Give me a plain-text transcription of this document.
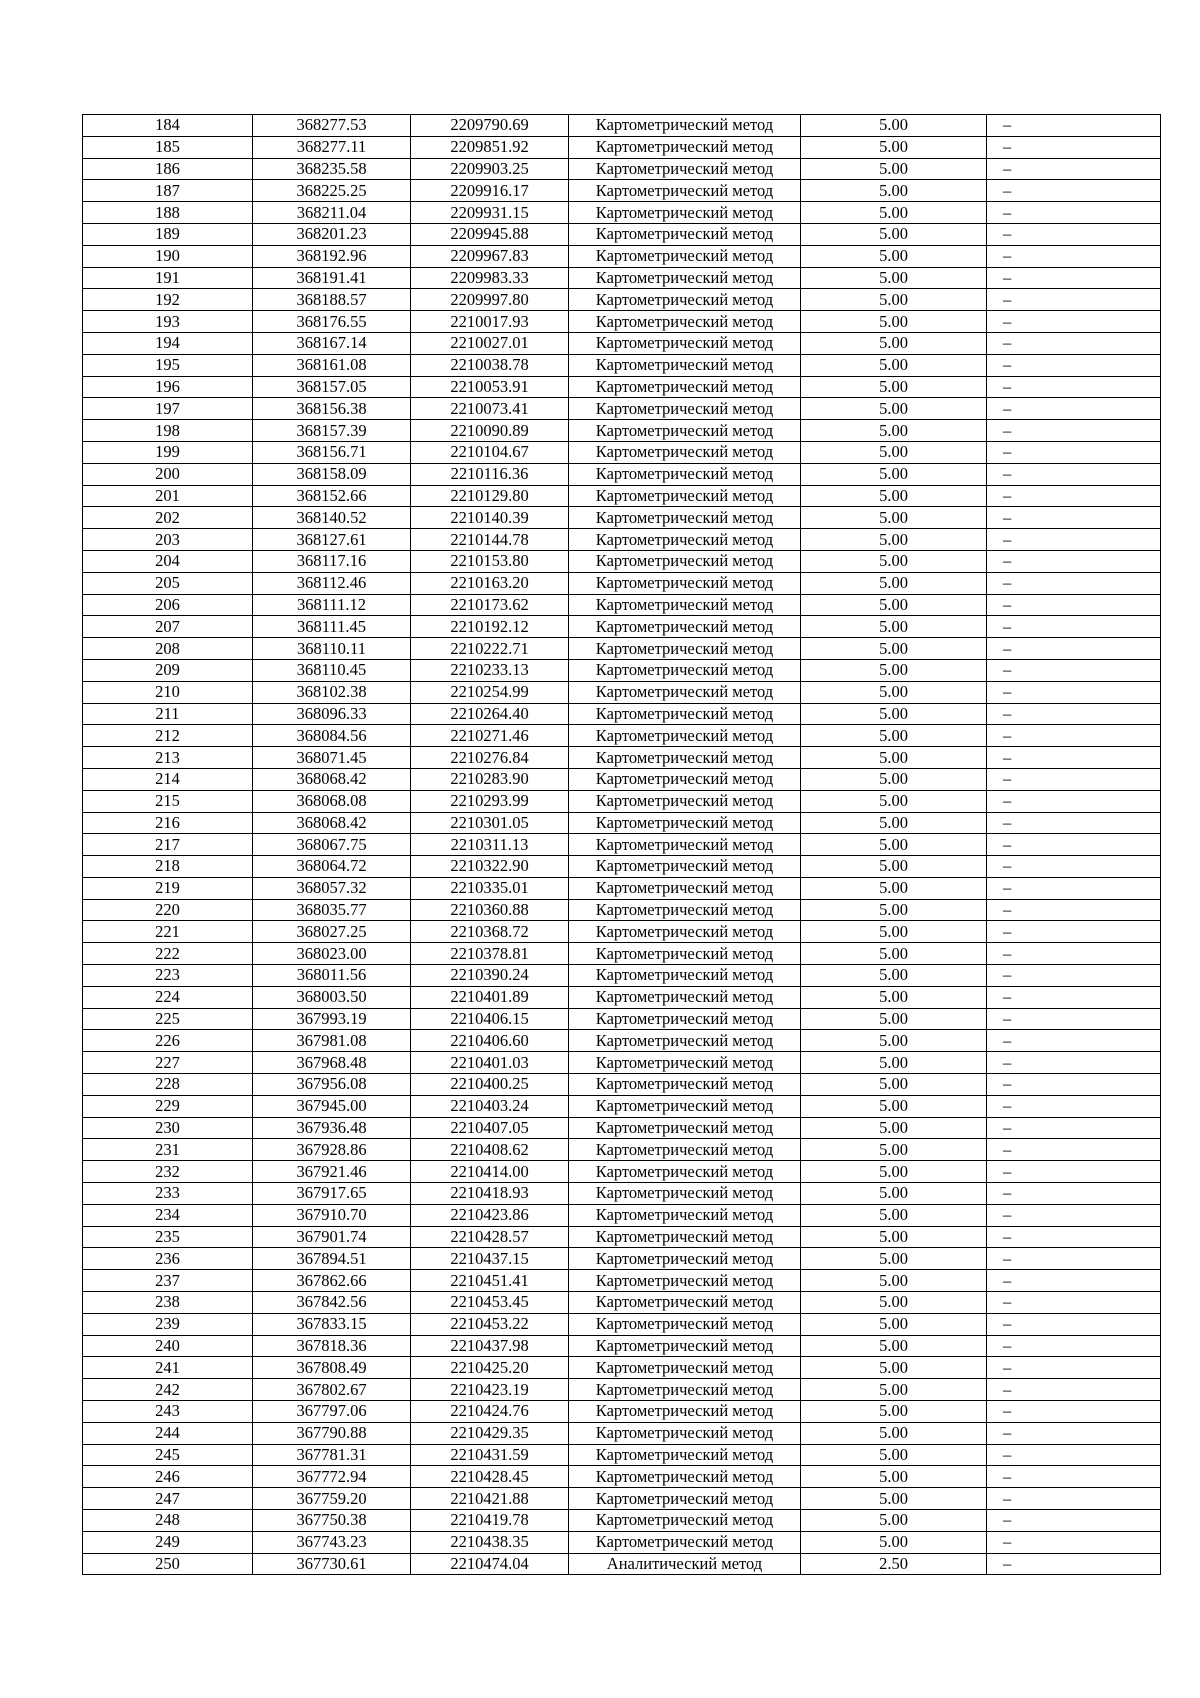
184	368277.53	2209790.69	Картометрический метод	5.00	–
185	368277.11	2209851.92	Картометрический метод	5.00	–
186	368235.58	2209903.25	Картометрический метод	5.00	–
187	368225.25	2209916.17	Картометрический метод	5.00	–
188	368211.04	2209931.15	Картометрический метод	5.00	–
189	368201.23	2209945.88	Картометрический метод	5.00	–
190	368192.96	2209967.83	Картометрический метод	5.00	–
191	368191.41	2209983.33	Картометрический метод	5.00	–
192	368188.57	2209997.80	Картометрический метод	5.00	–
193	368176.55	2210017.93	Картометрический метод	5.00	–
194	368167.14	2210027.01	Картометрический метод	5.00	–
195	368161.08	2210038.78	Картометрический метод	5.00	–
196	368157.05	2210053.91	Картометрический метод	5.00	–
197	368156.38	2210073.41	Картометрический метод	5.00	–
198	368157.39	2210090.89	Картометрический метод	5.00	–
199	368156.71	2210104.67	Картометрический метод	5.00	–
200	368158.09	2210116.36	Картометрический метод	5.00	–
201	368152.66	2210129.80	Картометрический метод	5.00	–
202	368140.52	2210140.39	Картометрический метод	5.00	–
203	368127.61	2210144.78	Картометрический метод	5.00	–
204	368117.16	2210153.80	Картометрический метод	5.00	–
205	368112.46	2210163.20	Картометрический метод	5.00	–
206	368111.12	2210173.62	Картометрический метод	5.00	–
207	368111.45	2210192.12	Картометрический метод	5.00	–
208	368110.11	2210222.71	Картометрический метод	5.00	–
209	368110.45	2210233.13	Картометрический метод	5.00	–
210	368102.38	2210254.99	Картометрический метод	5.00	–
211	368096.33	2210264.40	Картометрический метод	5.00	–
212	368084.56	2210271.46	Картометрический метод	5.00	–
213	368071.45	2210276.84	Картометрический метод	5.00	–
214	368068.42	2210283.90	Картометрический метод	5.00	–
215	368068.08	2210293.99	Картометрический метод	5.00	–
216	368068.42	2210301.05	Картометрический метод	5.00	–
217	368067.75	2210311.13	Картометрический метод	5.00	–
218	368064.72	2210322.90	Картометрический метод	5.00	–
219	368057.32	2210335.01	Картометрический метод	5.00	–
220	368035.77	2210360.88	Картометрический метод	5.00	–
221	368027.25	2210368.72	Картометрический метод	5.00	–
222	368023.00	2210378.81	Картометрический метод	5.00	–
223	368011.56	2210390.24	Картометрический метод	5.00	–
224	368003.50	2210401.89	Картометрический метод	5.00	–
225	367993.19	2210406.15	Картометрический метод	5.00	–
226	367981.08	2210406.60	Картометрический метод	5.00	–
227	367968.48	2210401.03	Картометрический метод	5.00	–
228	367956.08	2210400.25	Картометрический метод	5.00	–
229	367945.00	2210403.24	Картометрический метод	5.00	–
230	367936.48	2210407.05	Картометрический метод	5.00	–
231	367928.86	2210408.62	Картометрический метод	5.00	–
232	367921.46	2210414.00	Картометрический метод	5.00	–
233	367917.65	2210418.93	Картометрический метод	5.00	–
234	367910.70	2210423.86	Картометрический метод	5.00	–
235	367901.74	2210428.57	Картометрический метод	5.00	–
236	367894.51	2210437.15	Картометрический метод	5.00	–
237	367862.66	2210451.41	Картометрический метод	5.00	–
238	367842.56	2210453.45	Картометрический метод	5.00	–
239	367833.15	2210453.22	Картометрический метод	5.00	–
240	367818.36	2210437.98	Картометрический метод	5.00	–
241	367808.49	2210425.20	Картометрический метод	5.00	–
242	367802.67	2210423.19	Картометрический метод	5.00	–
243	367797.06	2210424.76	Картометрический метод	5.00	–
244	367790.88	2210429.35	Картометрический метод	5.00	–
245	367781.31	2210431.59	Картометрический метод	5.00	–
246	367772.94	2210428.45	Картометрический метод	5.00	–
247	367759.20	2210421.88	Картометрический метод	5.00	–
248	367750.38	2210419.78	Картометрический метод	5.00	–
249	367743.23	2210438.35	Картометрический метод	5.00	–
250	367730.61	2210474.04	Аналитический метод	2.50	–
